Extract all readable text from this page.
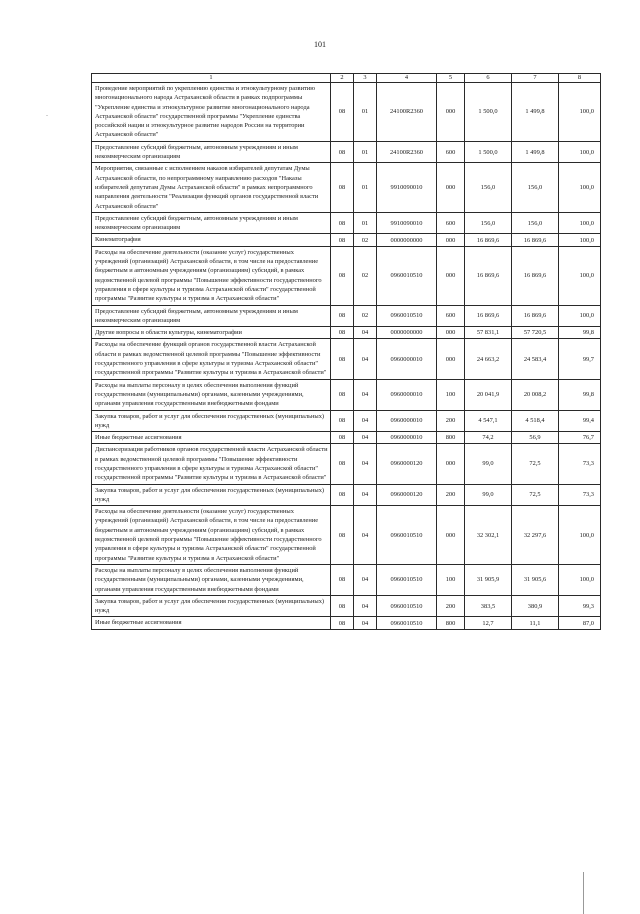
101
-
1	2	3	4	5	6	7	8
Проведение мероприятий по укреплению единства и этнокультурному развитию многонационального народа Астраханской области в рамках подпрограммы "Укрепление единства и этнокультурное развитие многонационального народа Астраханской области" государственной программы "Укрепление единства российской нации и этнокультурное развитие народов России на территории Астраханской области"	08	01	24100R2360	000	1 500,0	1 499,8	100,0
Предоставление субсидий бюджетным, автономным учреждениям и иным некоммерческим организациям	08	01	24100R2360	600	1 500,0	1 499,8	100,0
Мероприятия, связанные с исполнением наказов избирателей депутатам Думы Астраханской области, по непрограммному направлению расходов "Наказы избирателей депутатам Думы Астраханской области" в рамках непрограммного направления деятельности "Реализация функций органов государственной власти Астраханской области"	08	01	9910090010	000	156,0	156,0	100,0
Предоставление субсидий бюджетным, автономным учреждениям и иным некоммерческим организациям	08	01	9910090010	600	156,0	156,0	100,0
Кинематография	08	02	0000000000	000	16 869,6	16 869,6	100,0
Расходы на обеспечение деятельности (оказание услуг) государственных учреждений (организаций) Астраханской области, в том числе на предоставление бюджетным и автономным учреждениям (организациям) субсидий, в рамках ведомственной целевой программы "Повышение эффективности государственного управления в сфере культуры и туризма Астраханской области" государственной программы "Развитие культуры и туризма в Астраханской области"	08	02	0960010510	000	16 869,6	16 869,6	100,0
Предоставление субсидий бюджетным, автономным учреждениям и иным некоммерческим организациям	08	02	0960010510	600	16 869,6	16 869,6	100,0
Другие вопросы в области культуры, кинематографии	08	04	0000000000	000	57 831,1	57 720,5	99,8
Расходы на обеспечение функций органов государственной власти Астраханской области в рамках ведомственной целевой программы "Повышение эффективности государственного управления в сфере культуры и туризма Астраханской области" государственной программы "Развитие культуры и туризма в Астраханской области"	08	04	0960000010	000	24 663,2	24 583,4	99,7
Расходы на выплаты персоналу в целях обеспечения выполнения функций государственными (муниципальными) органами, казенными учреждениями, органами управления государственными внебюджетными фондами	08	04	0960000010	100	20 041,9	20 008,2	99,8
Закупка товаров, работ и услуг для обеспечения государственных (муниципальных) нужд	08	04	0960000010	200	4 547,1	4 518,4	99,4
Иные бюджетные ассигнования	08	04	0960000010	800	74,2	56,9	76,7
Диспансеризация работников органов государственной власти Астраханской области в рамках ведомственной целевой программы "Повышение эффективности государственного управления в сфере культуры и туризма Астраханской области" государственной программы "Развитие культуры и туризма в Астраханской области"	08	04	0960000120	000	99,0	72,5	73,3
Закупка товаров, работ и услуг для обеспечения государственных (муниципальных) нужд	08	04	0960000120	200	99,0	72,5	73,3
Расходы на обеспечение деятельности (оказание услуг) государственных учреждений (организаций) Астраханской области, в том числе на предоставление бюджетным и автономным учреждениям (организациям) субсидий, в рамках ведомственной целевой программы "Повышение эффективности государственного управления в сфере культуры и туризма Астраханской области" государственной программы "Развитие культуры и туризма в Астраханской области"	08	04	0960010510	000	32 302,1	32 297,6	100,0
Расходы на выплаты персоналу в целях обеспечения выполнения функций государственными (муниципальными) органами, казенными учреждениями, органами управления государственными внебюджетными фондами	08	04	0960010510	100	31 905,9	31 905,6	100,0
Закупка товаров, работ и услуг для обеспечения государственных (муниципальных) нужд	08	04	0960010510	200	383,5	380,9	99,3
Иные бюджетные ассигнования	08	04	0960010510	800	12,7	11,1	87,0
